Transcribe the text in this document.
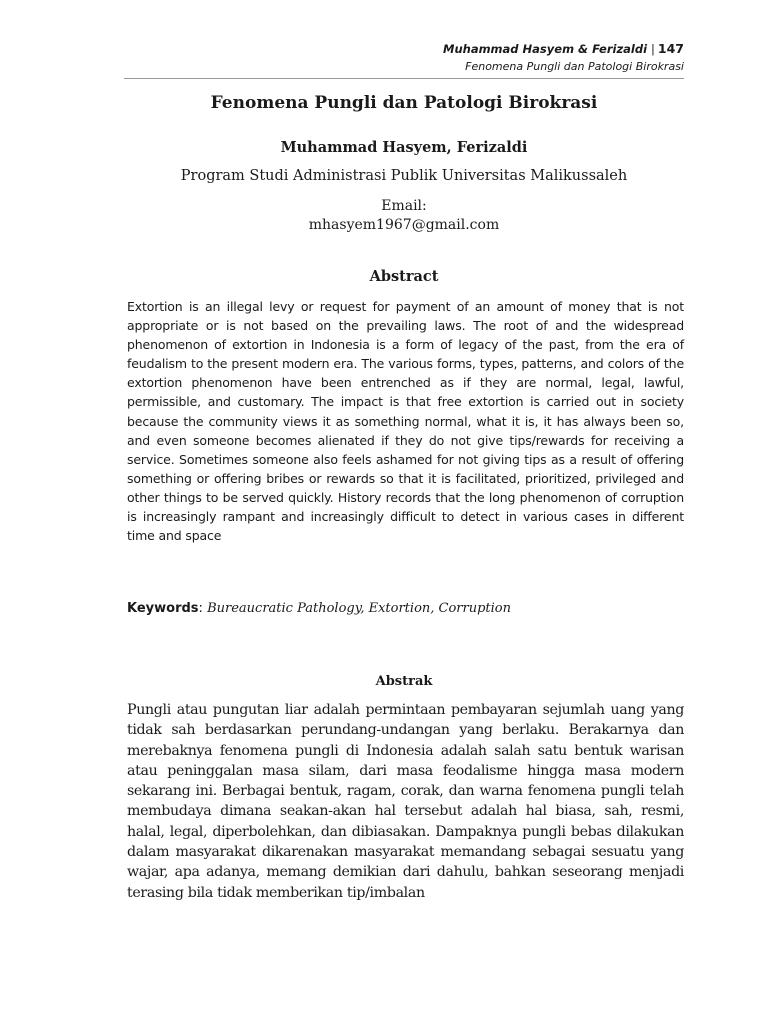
Muhammad Hasyem & Ferizaldi | 147
Fenomena Pungli dan Patologi Birokrasi
Fenomena Pungli dan Patologi Birokrasi
Muhammad Hasyem, Ferizaldi
Program Studi Administrasi Publik Universitas Malikussaleh
Email:
mhasyem1967@gmail.com
Abstract

Extortion is an illegal levy or request for payment of an amount of money that is not appropriate or is not based on the prevailing laws. The root of and the widespread phenomenon of extortion in Indonesia is a form of legacy of the past, from the era of feudalism to the present modern era. The various forms, types, patterns, and colors of the extortion phenomenon have been entrenched as if they are normal, legal, lawful, permissible, and customary. The impact is that free extortion is carried out in society because the community views it as something normal, what it is, it has always been so, and even someone becomes alienated if they do not give tips/rewards for receiving a service. Sometimes someone also feels ashamed for not giving tips as a result of offering something or offering bribes or rewards so that it is facilitated, prioritized, privileged and other things to be served quickly. History records that the long phenomenon of corruption is increasingly rampant and increasingly difficult to detect in various cases in different time and space

Keywords: Bureaucratic Pathology, Extortion, Corruption
Abstrak

Pungli atau pungutan liar adalah permintaan pembayaran sejumlah uang yang tidak sah berdasarkan perundang-undangan yang berlaku. Berakarnya dan merebaknya fenomena pungli di Indonesia adalah salah satu bentuk warisan atau peninggalan masa silam, dari masa feodalisme hingga masa modern sekarang ini. Berbagai bentuk, ragam, corak, dan warna fenomena pungli telah membudaya dimana seakan-akan hal tersebut adalah hal biasa, sah, resmi, halal, legal, diperbolehkan, dan dibiasakan. Dampaknya pungli bebas dilakukan dalam masyarakat dikarenakan masyarakat memandang sebagai sesuatu yang wajar, apa adanya, memang demikian dari dahulu, bahkan seseorang menjadi terasing bila tidak memberikan tip/imbalan
